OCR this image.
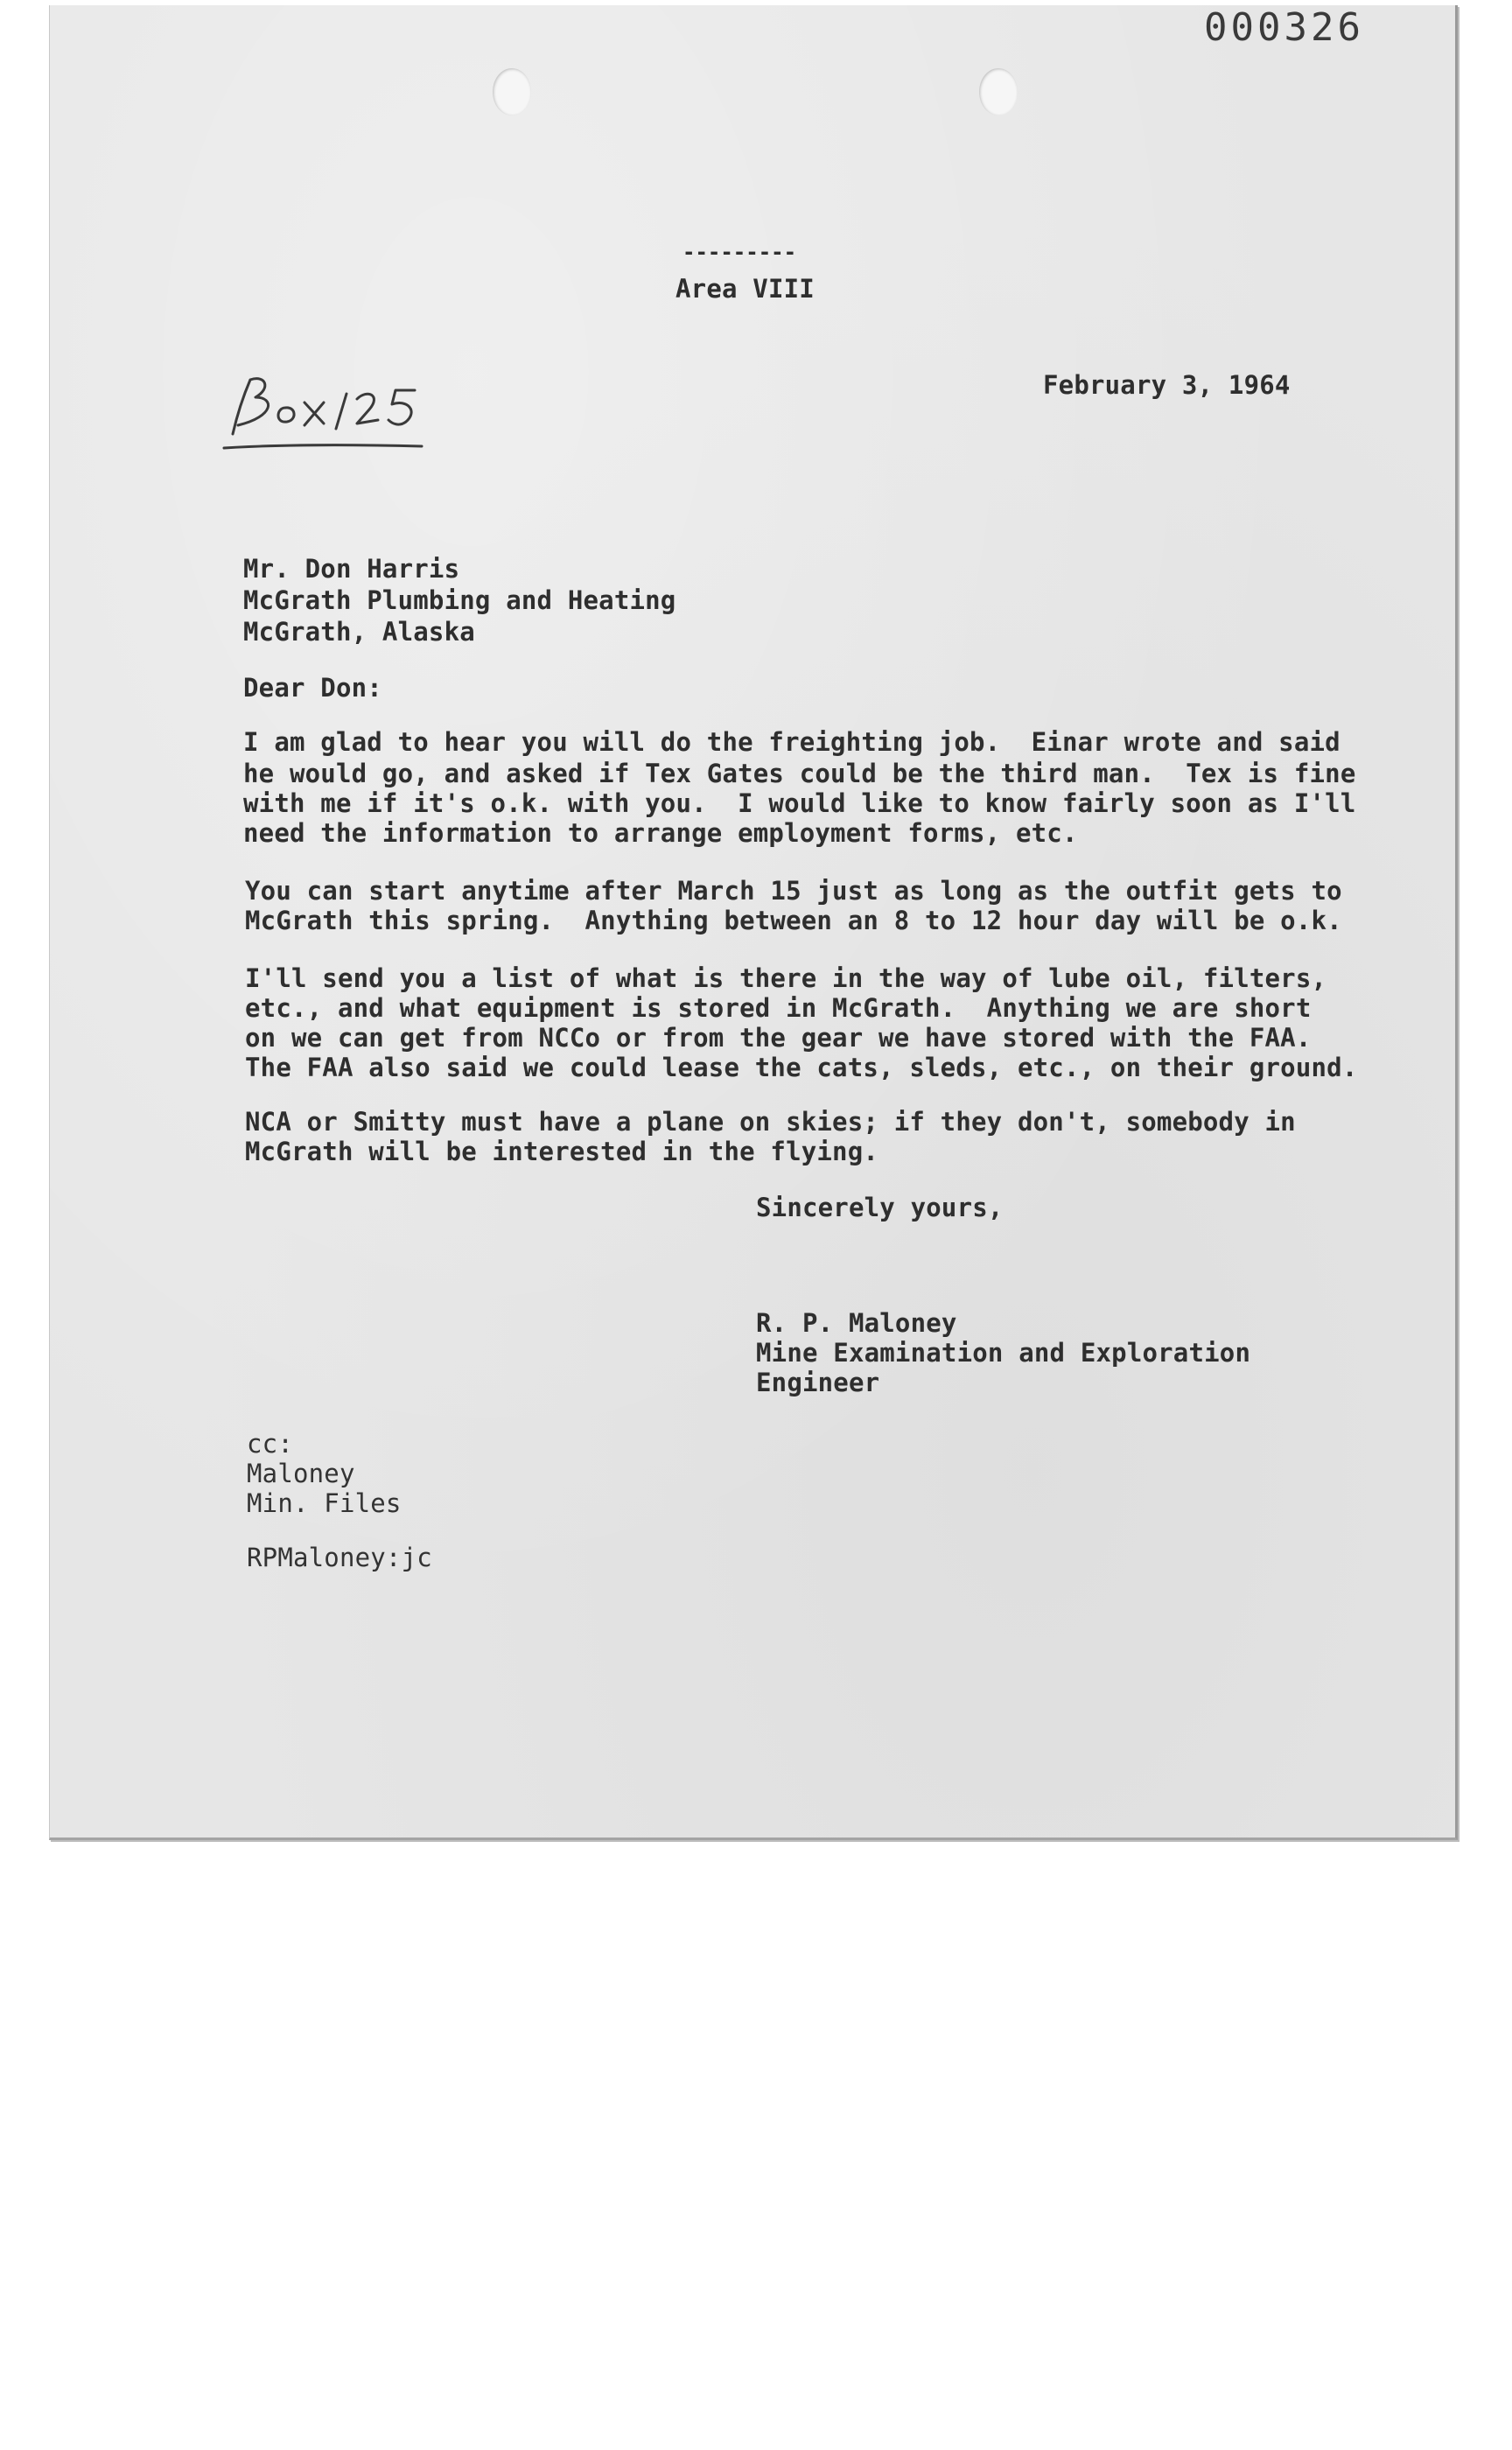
000326
---------
Area VIII
February 3, 1964
Mr. Don Harris
McGrath Plumbing and Heating
McGrath, Alaska
Dear Don:
I am glad to hear you will do the freighting job.  Einar wrote and said
he would go, and asked if Tex Gates could be the third man.  Tex is fine
with me if it's o.k. with you.  I would like to know fairly soon as I'll
need the information to arrange employment forms, etc.
You can start anytime after March 15 just as long as the outfit gets to
McGrath this spring.  Anything between an 8 to 12 hour day will be o.k.
I'll send you a list of what is there in the way of lube oil, filters,
etc., and what equipment is stored in McGrath.  Anything we are short
on we can get from NCCo or from the gear we have stored with the FAA.
The FAA also said we could lease the cats, sleds, etc., on their ground.
NCA or Smitty must have a plane on skies; if they don't, somebody in
McGrath will be interested in the flying.
Sincerely yours,
R. P. Maloney
Mine Examination and Exploration
Engineer
cc:
Maloney
Min. Files
RPMaloney:jc
